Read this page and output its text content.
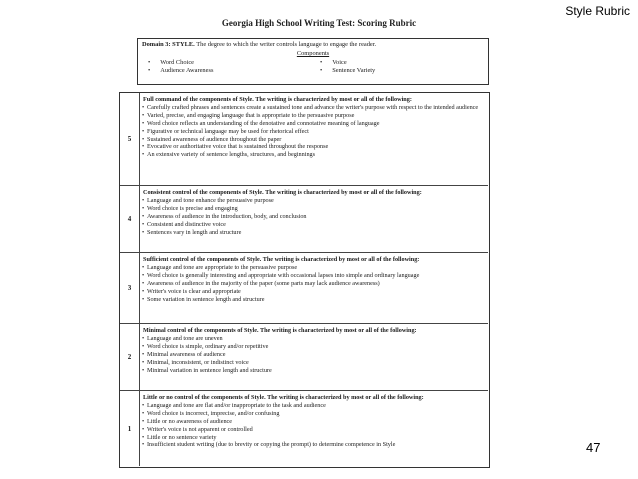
Style Rubric
Georgia High School Writing Test: Scoring Rubric
Domain 3: STYLE. The degree to which the writer controls language to engage the reader.
Components
• Word Choice	• Voice
• Audience Awareness	• Sentence Variety
5
Full command of the components of Style. The writing is characterized by most or all of the following:
• Carefully crafted phrases and sentences create a sustained tone and advance the writer's purpose with respect to the intended audience
• Varied, precise, and engaging language that is appropriate to the persuasive purpose
• Word choice reflects an understanding of the denotative and connotative meaning of language
• Figurative or technical language may be used for rhetorical effect
• Sustained awareness of audience throughout the paper
• Evocative or authoritative voice that is sustained throughout the response
• An extensive variety of sentence lengths, structures, and beginnings
4
Consistent control of the components of Style. The writing is characterized by most or all of the following:
• Language and tone enhance the persuasive purpose
• Word choice is precise and engaging
• Awareness of audience in the introduction, body, and conclusion
• Consistent and distinctive voice
• Sentences vary in length and structure
3
Sufficient control of the components of Style. The writing is characterized by most or all of the following:
• Language and tone are appropriate to the persuasive purpose
• Word choice is generally interesting and appropriate with occasional lapses into simple and ordinary language
• Awareness of audience in the majority of the paper (some parts may lack audience awareness)
• Writer's voice is clear and appropriate
• Some variation in sentence length and structure
2
Minimal control of the components of Style. The writing is characterized by most or all of the following:
• Language and tone are uneven
• Word choice is simple, ordinary and/or repetitive
• Minimal awareness of audience
• Minimal, inconsistent, or indistinct voice
• Minimal variation in sentence length and structure
1
Little or no control of the components of Style. The writing is characterized by most or all of the following:
• Language and tone are flat and/or inappropriate to the task and audience
• Word choice is incorrect, imprecise, and/or confusing
• Little or no awareness of audience
• Writer's voice is not apparent or controlled
• Little or no sentence variety
• Insufficient student writing (due to brevity or copying the prompt) to determine competence in Style	47
